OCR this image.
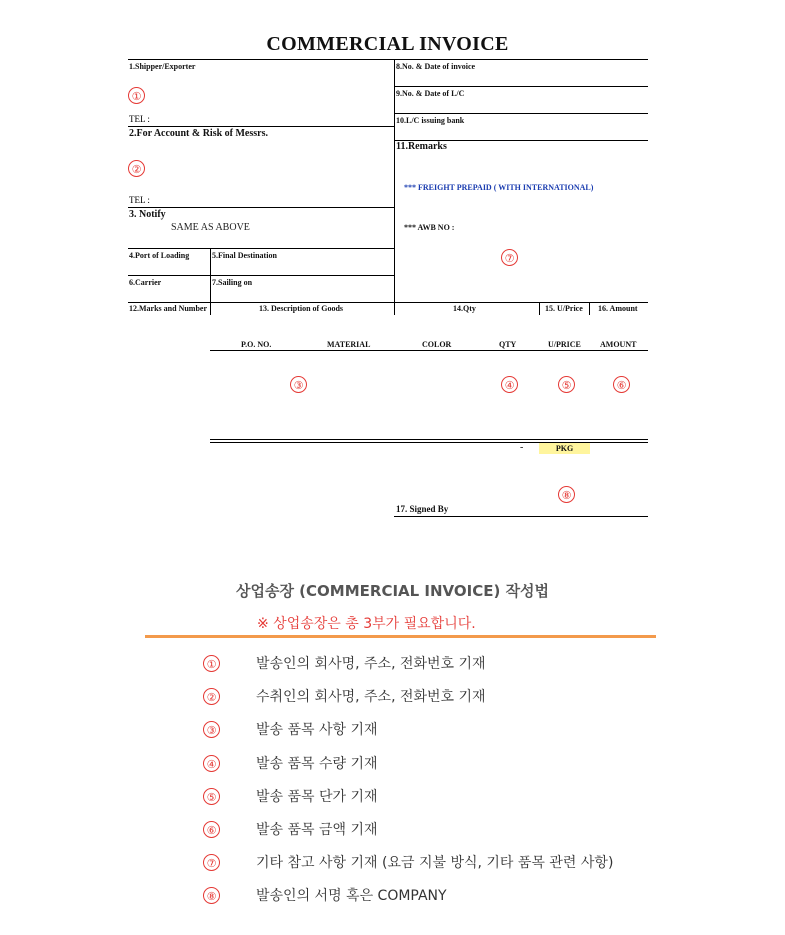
COMMERCIAL INVOICE
1.Shipper/Exporter
①
TEL :
2.For Account & Risk of Messrs.
②
TEL :
3. Notify
SAME AS ABOVE
4.Port of Loading	5.Final Destination
6.Carrier	7.Sailing on
8.No. & Date of invoice
9.No. & Date of L/C
10.L/C issuing bank
11.Remarks
*** FREIGHT PREPAID ( WITH INTERNATIONAL)
*** AWB NO :
⑦
12.Marks and Number	13. Description of Goods	14.Qty	15. U/Price 16. Amount
P.O. NO.	MATERIAL	COLOR	QTY	U/PRICE AMOUNT
③	④	⑤	⑥
-	PKG
⑧
17. Signed By
상업송장 (COMMERCIAL INVOICE) 작성법
※ 상업송장은 총 3부가 필요합니다.
①	발송인의 회사명, 주소, 전화번호 기재
②	수취인의 회사명, 주소, 전화번호 기재
③	발송 품목 사항 기재
④	발송 품목 수량 기재
⑤	발송 품목 단가 기재
⑥	발송 품목 금액 기재
⑦	기타 참고 사항 기재 (요금 지불 방식, 기타 품목 관련 사항)
⑧	발송인의 서명 혹은 COMPANY
